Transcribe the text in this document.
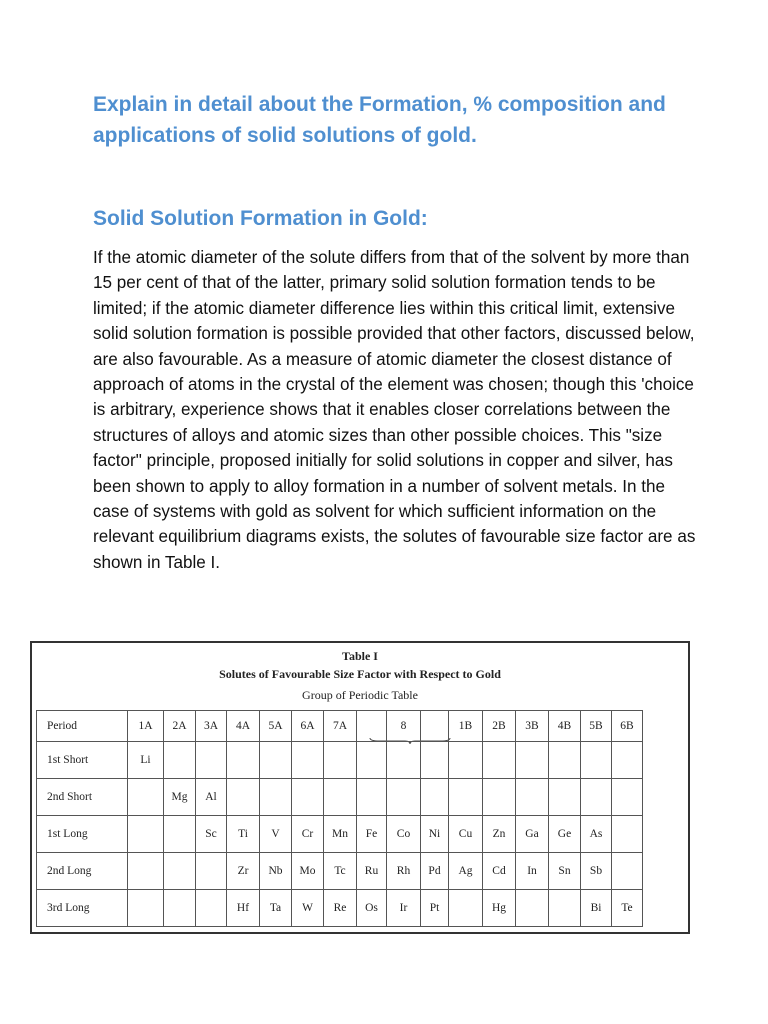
Explain in detail about the Formation, % composition and applications of solid solutions of gold.
Solid Solution Formation in Gold:

If the atomic diameter of the solute differs from that of the solvent by more than 15 per cent of that of the latter, primary solid solution formation tends to be limited; if the atomic diameter difference lies within this critical limit, extensive solid solution formation is possible provided that other factors, discussed below, are also favourable. As a measure of atomic diameter the closest distance of approach of atoms in the crystal of the element was chosen; though this 'choice is arbitrary, experience shows that it enables closer correlations between the structures of alloys and atomic sizes than other possible choices. This "size factor" principle, proposed initially for solid solutions in copper and silver, has been shown to apply to alloy formation in a number of solvent metals. In the case of systems with gold as solvent for which sufficient information on the relevant equilibrium diagrams exists, the solutes of favourable size factor are as shown in Table I.

Table I
Solutes of Favourable Size Factor with Respect to Gold
Group of Periodic Table
Period	1A	2A	3A	4A	5A	6A	7A		8		1B	2B	3B	4B	5B	6B
1st Short	Li															
2nd Short		Mg	Al													
1st Long			Sc	Ti	V	Cr	Mn	Fe	Co	Ni	Cu	Zn	Ga	Ge	As	
2nd Long				Zr	Nb	Mo	Tc	Ru	Rh	Pd	Ag	Cd	In	Sn	Sb	
3rd Long				Hf	Ta	W	Re	Os	Ir	Pt		Hg			Bi	Te
